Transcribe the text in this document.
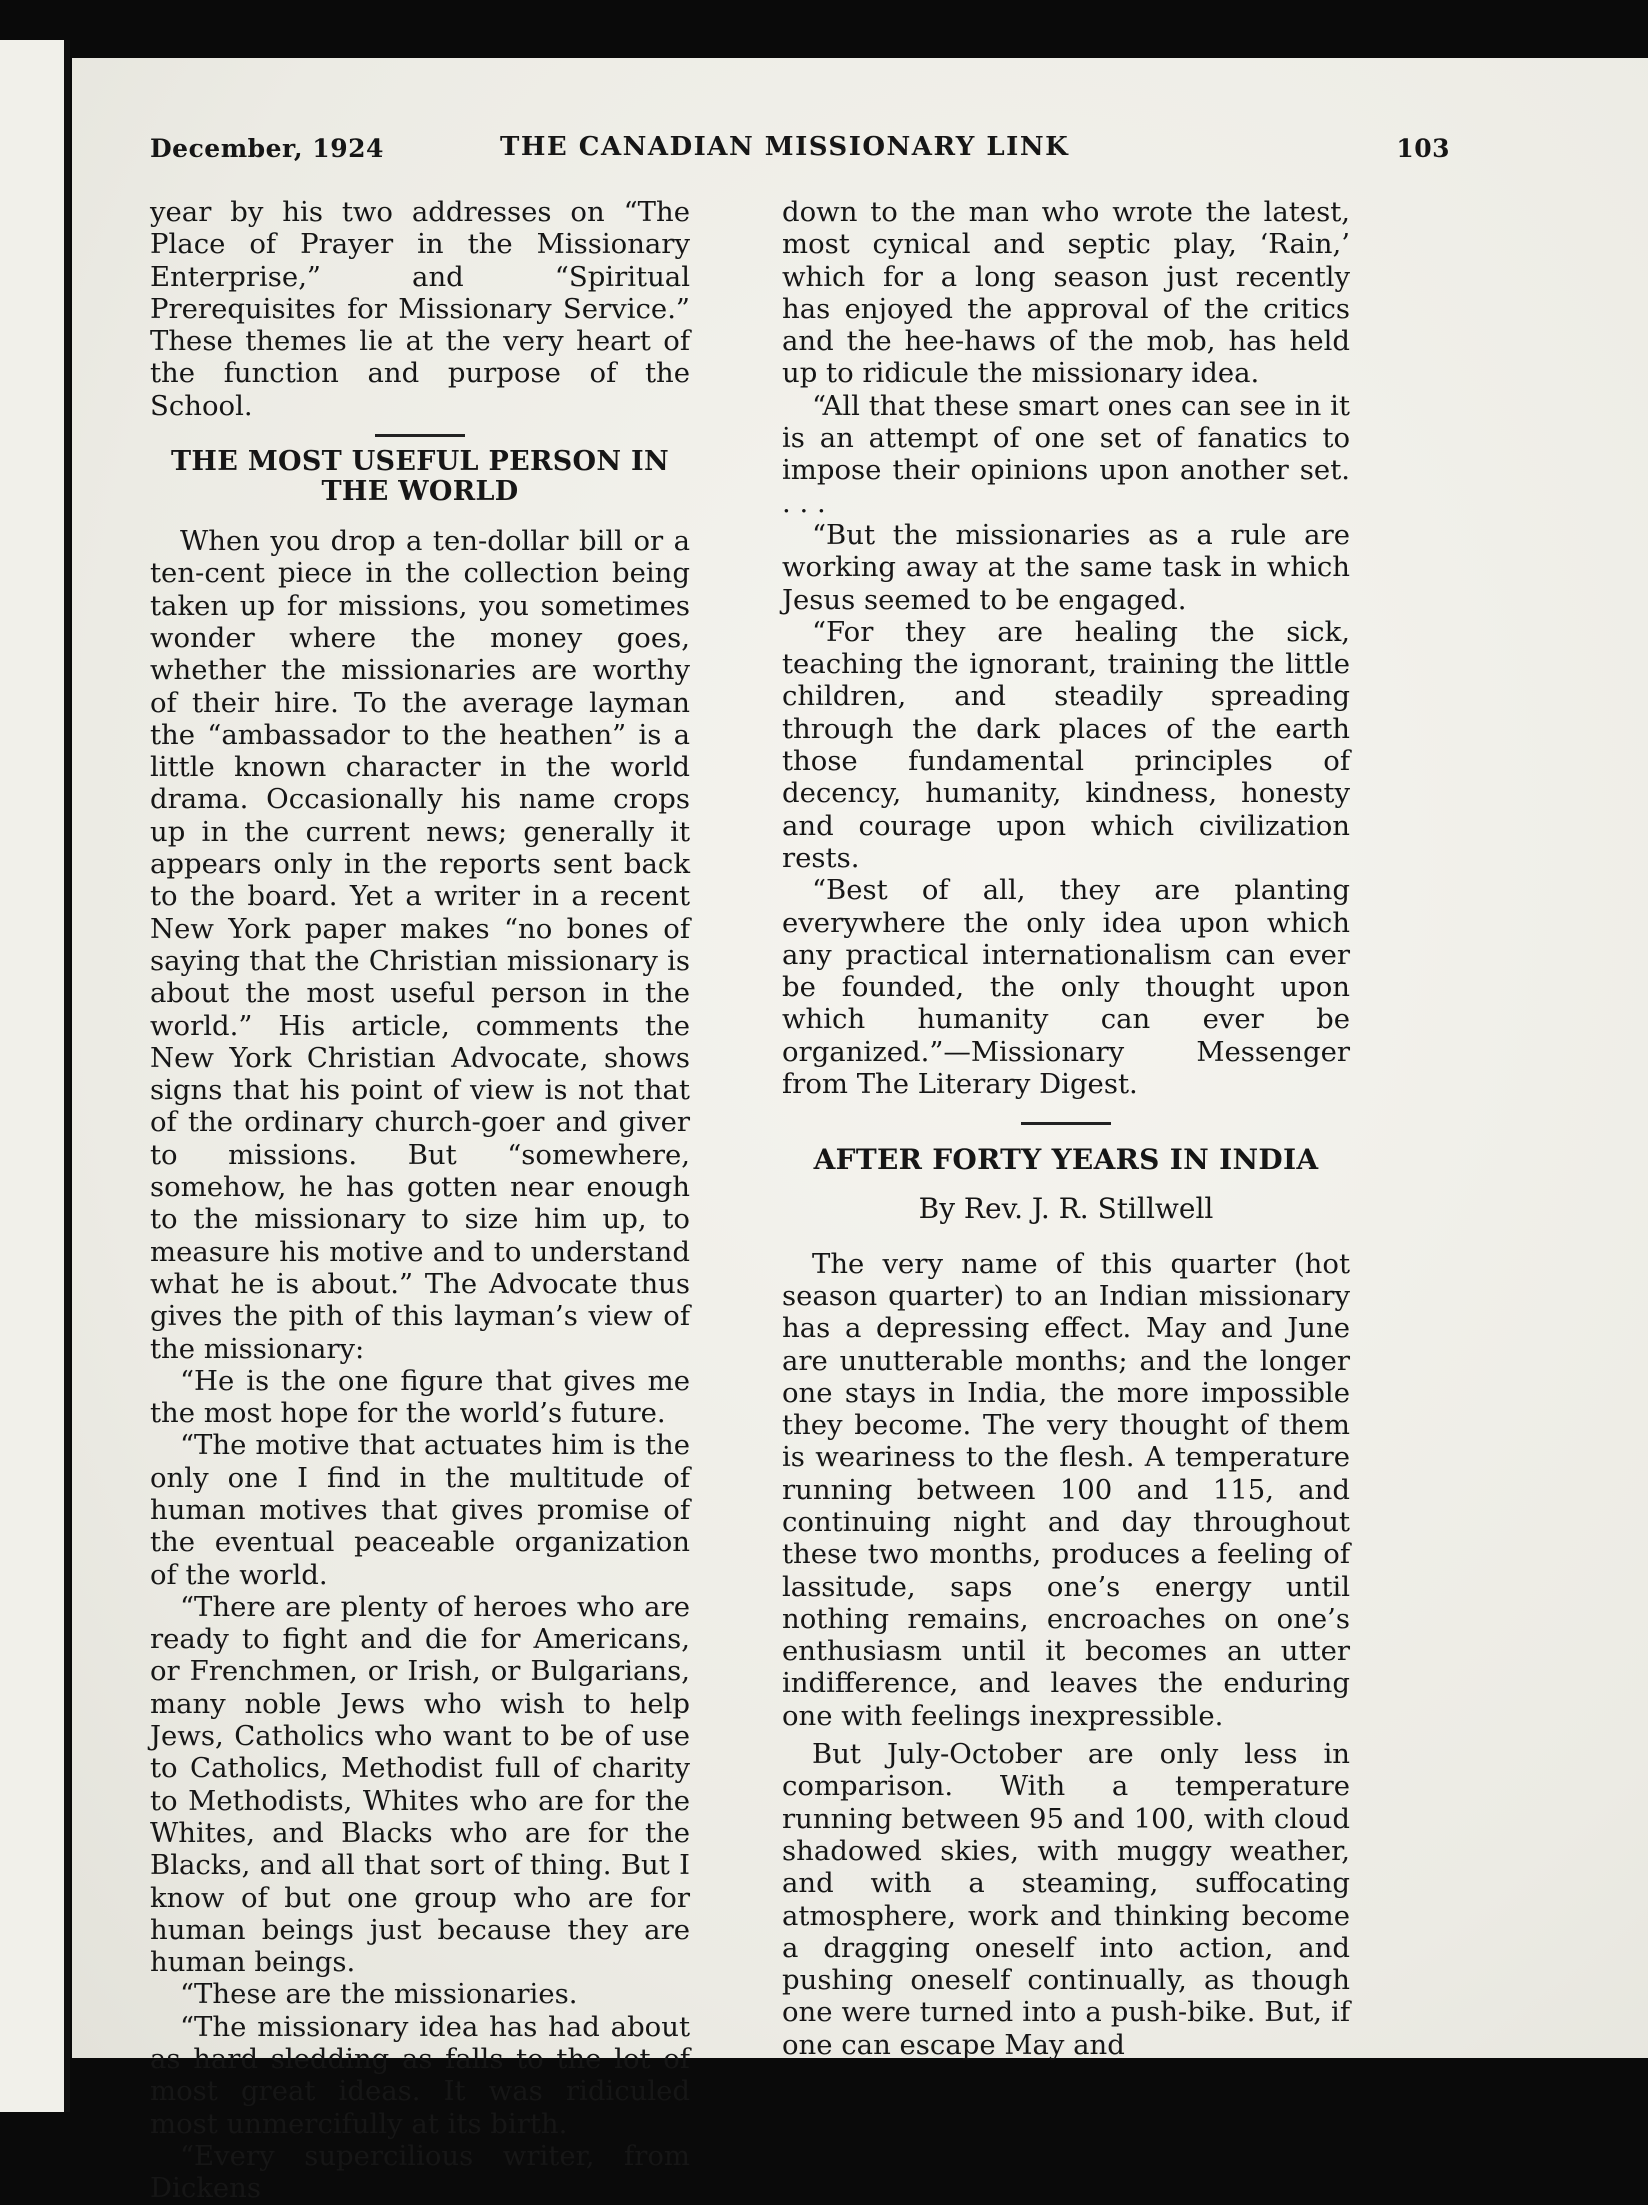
December, 1924	THE CANADIAN MISSIONARY LINK	103

year by his two addresses on “The Place of Prayer in the Missionary Enterprise,” and “Spiritual Prerequisites for Missionary Service.” These themes lie at the very heart of the function and purpose of the School.

THE MOST USEFUL PERSON IN THE WORLD

When you drop a ten-dollar bill or a ten-cent piece in the collection being taken up for missions, you sometimes wonder where the money goes, whether the missionaries are worthy of their hire. To the average layman the “ambassador to the heathen” is a little known character in the world drama. Occasionally his name crops up in the current news; generally it appears only in the reports sent back to the board. Yet a writer in a recent New York paper makes “no bones of saying that the Christian missionary is about the most useful person in the world.” His article, comments the New York Christian Advocate, shows signs that his point of view is not that of the ordinary church-goer and giver to missions. But “somewhere, somehow, he has gotten near enough to the missionary to size him up, to measure his motive and to understand what he is about.” The Advocate thus gives the pith of this layman’s view of the missionary:

“He is the one figure that gives me the most hope for the world’s future.

“The motive that actuates him is the only one I find in the multitude of human motives that gives promise of the eventual peaceable organization of the world.

“There are plenty of heroes who are ready to fight and die for Americans, or Frenchmen, or Irish, or Bulgarians, many noble Jews who wish to help Jews, Catholics who want to be of use to Catholics, Methodist full of charity to Methodists, Whites who are for the Whites, and Blacks who are for the Blacks, and all that sort of thing. But I know of but one group who are for human beings just because they are human beings.

“These are the missionaries.

“The missionary idea has had about as hard sledding as falls to the lot of most great ideas. It was ridiculed most unmercifully at its birth.

“Every supercilious writer, from Dickens

down to the man who wrote the latest, most cynical and septic play, ‘Rain,’ which for a long season just recently has enjoyed the approval of the critics and the hee-haws of the mob, has held up to ridicule the missionary idea.

“All that these smart ones can see in it is an attempt of one set of fanatics to impose their opinions upon another set. . . .

“But the missionaries as a rule are working away at the same task in which Jesus seemed to be engaged.

“For they are healing the sick, teaching the ignorant, training the little children, and steadily spreading through the dark places of the earth those fundamental principles of decency, humanity, kindness, honesty and courage upon which civilization rests.

“Best of all, they are planting everywhere the only idea upon which any practical internationalism can ever be founded, the only thought upon which humanity can ever be organized.”—Missionary Messenger from The Literary Digest.

AFTER FORTY YEARS IN INDIA
By Rev. J. R. Stillwell

The very name of this quarter (hot season quarter) to an Indian missionary has a depressing effect. May and June are unutterable months; and the longer one stays in India, the more impossible they become. The very thought of them is weariness to the flesh. A temperature running between 100 and 115, and continuing night and day throughout these two months, produces a feeling of lassitude, saps one’s energy until nothing remains, encroaches on one’s enthusiasm until it becomes an utter indifference, and leaves the enduring one with feelings inexpressible.

But July-October are only less in comparison. With a temperature running between 95 and 100, with cloud shadowed skies, with muggy weather, and with a steaming, suffocating atmosphere, work and thinking become a dragging oneself into action, and pushing oneself continually, as though one were turned into a push-bike. But, if one can escape May and
